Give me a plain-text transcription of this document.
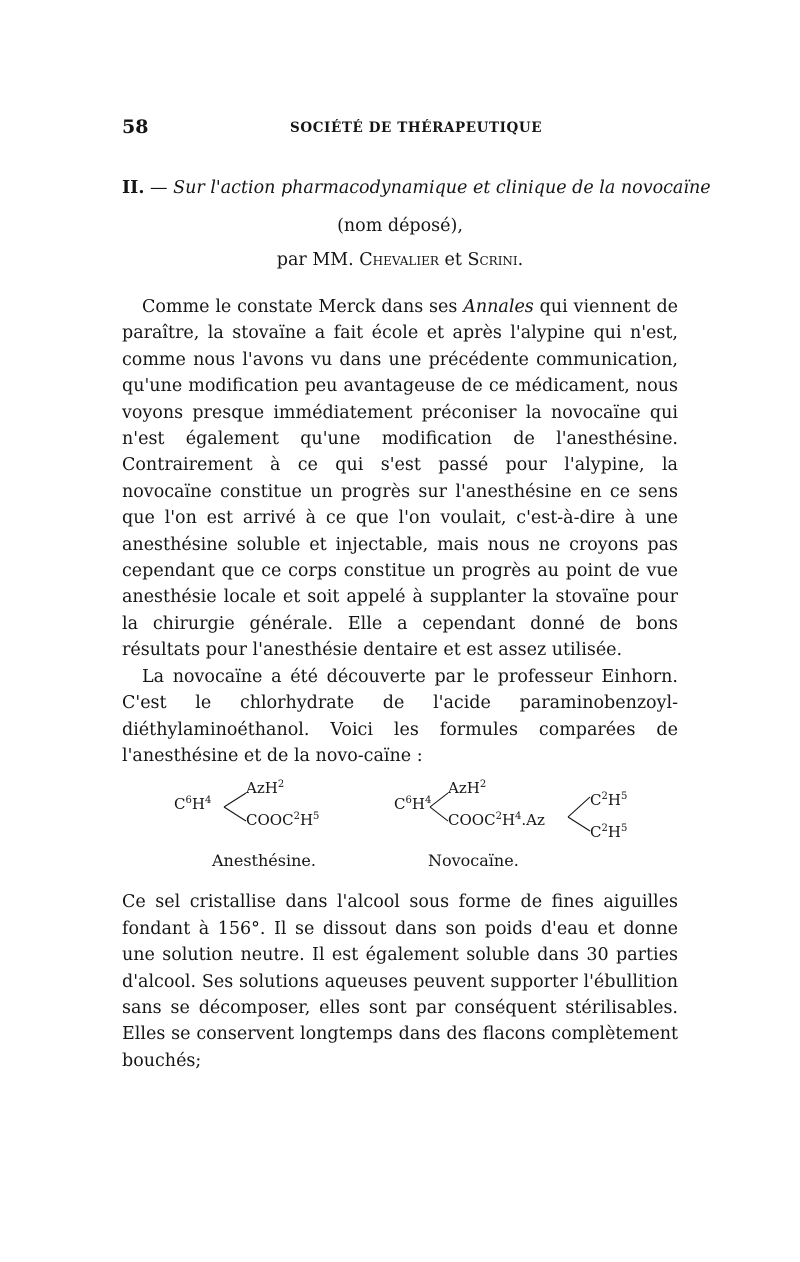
58	SOCIÉTÉ DE THÉRAPEUTIQUE
II. — Sur l'action pharmacodynamique et clinique de la novocaïne
(nom déposé),
par MM. Chevalier et Scrini.

Comme le constate Merck dans ses Annales qui viennent de paraître, la stovaïne a fait école et après l'alypine qui n'est, comme nous l'avons vu dans une précédente communication, qu'une modification peu avantageuse de ce médicament, nous voyons presque immédiatement préconiser la novocaïne qui n'est également qu'une modification de l'anesthésine. Contrairement à ce qui s'est passé pour l'alypine, la novocaïne constitue un progrès sur l'anesthésine en ce sens que l'on est arrivé à ce que l'on voulait, c'est-à-dire à une anesthésine soluble et injectable, mais nous ne croyons pas cependant que ce corps constitue un progrès au point de vue anesthésie locale et soit appelé à supplanter la stovaïne pour la chirurgie générale. Elle a cependant donné de bons résultats pour l'anesthésie dentaire et est assez utilisée.

La novocaïne a été découverte par le professeur Einhorn. C'est le chlorhydrate de l'acide paraminobenzoyl-diéthylaminoéthanol. Voici les formules comparées de l'anesthésine et de la novo-caïne :

AzH$^2$
$C^6H^4$
$COOC^2H^5$
Anesthésine.
AzH$^2$
$C^6H^4$
$COOC^2H^4.Az$
$C^2H^5$
$C^2H^5$
Novocaïne.

Ce sel cristallise dans l'alcool sous forme de fines aiguilles fondant à 156°. Il se dissout dans son poids d'eau et donne une solution neutre. Il est également soluble dans 30 parties d'alcool. Ses solutions aqueuses peuvent supporter l'ébullition sans se décomposer, elles sont par conséquent stérilisables. Elles se conservent longtemps dans des flacons complètement bouchés;
